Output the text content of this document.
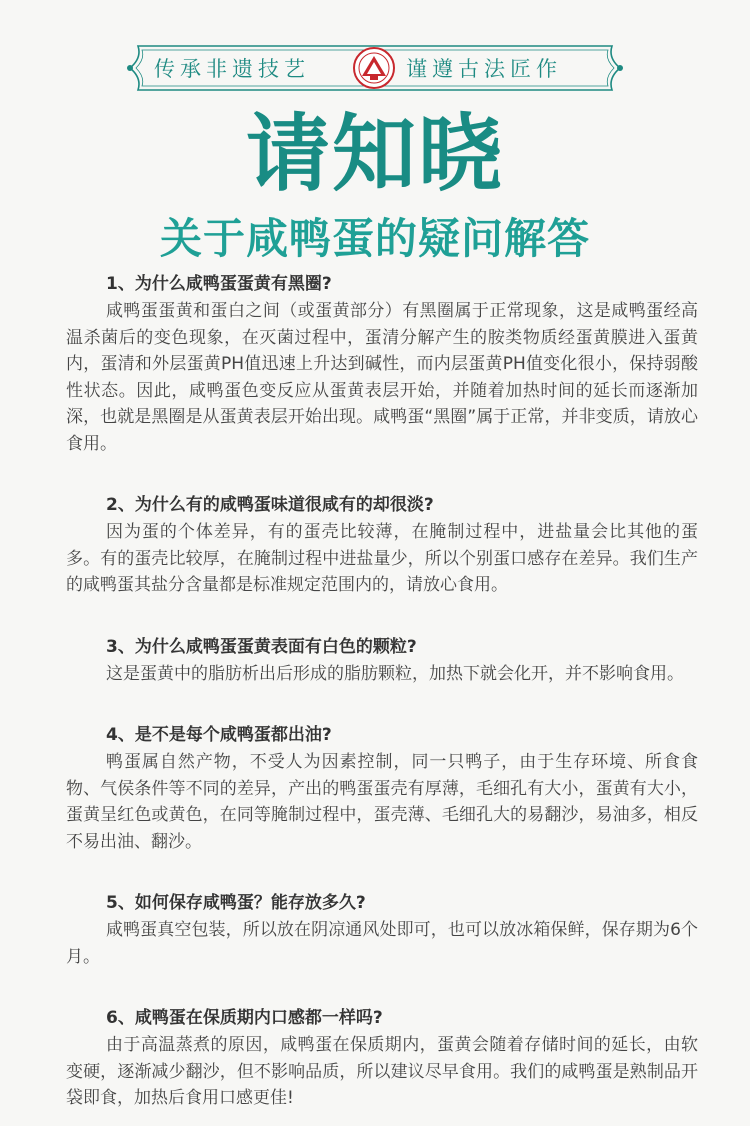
传承非遗技艺	谨遵古法匠作
请知晓
关于咸鸭蛋的疑问解答
1、为什么咸鸭蛋蛋黄有黑圈?
咸鸭蛋蛋黄和蛋白之间（或蛋黄部分）有黑圈属于正常现象，这是咸鸭蛋经高温杀菌后的变色现象，在灭菌过程中，蛋清分解产生的胺类物质经蛋黄膜进入蛋黄内，蛋清和外层蛋黄PH值迅速上升达到碱性，而内层蛋黄PH值变化很小，保持弱酸性状态。因此，咸鸭蛋色变反应从蛋黄表层开始，并随着加热时间的延长而逐渐加深，也就是黑圈是从蛋黄表层开始出现。咸鸭蛋“黑圈”属于正常，并非变质，请放心食用。
2、为什么有的咸鸭蛋味道很咸有的却很淡?
因为蛋的个体差异，有的蛋壳比较薄，在腌制过程中，进盐量会比其他的蛋多。有的蛋壳比较厚，在腌制过程中进盐量少，所以个别蛋口感存在差异。我们生产的咸鸭蛋其盐分含量都是标准规定范围内的，请放心食用。
3、为什么咸鸭蛋蛋黄表面有白色的颗粒?
这是蛋黄中的脂肪析出后形成的脂肪颗粒，加热下就会化开，并不影响食用。
4、是不是每个咸鸭蛋都出油?
鸭蛋属自然产物，不受人为因素控制，同一只鸭子，由于生存环境、所食食物、气侯条件等不同的差异，产出的鸭蛋蛋壳有厚薄，毛细孔有大小，蛋黄有大小，蛋黄呈红色或黄色，在同等腌制过程中，蛋壳薄、毛细孔大的易翻沙，易油多，相反不易出油、翻沙。
5、如何保存咸鸭蛋？能存放多久?
咸鸭蛋真空包装，所以放在阴凉通风处即可，也可以放冰箱保鲜，保存期为6个月。
6、咸鸭蛋在保质期内口感都一样吗?
由于高温蒸煮的原因，咸鸭蛋在保质期内，蛋黄会随着存储时间的延长，由软变硬，逐渐减少翻沙，但不影响品质，所以建议尽早食用。我们的咸鸭蛋是熟制品开袋即食，加热后食用口感更佳!
